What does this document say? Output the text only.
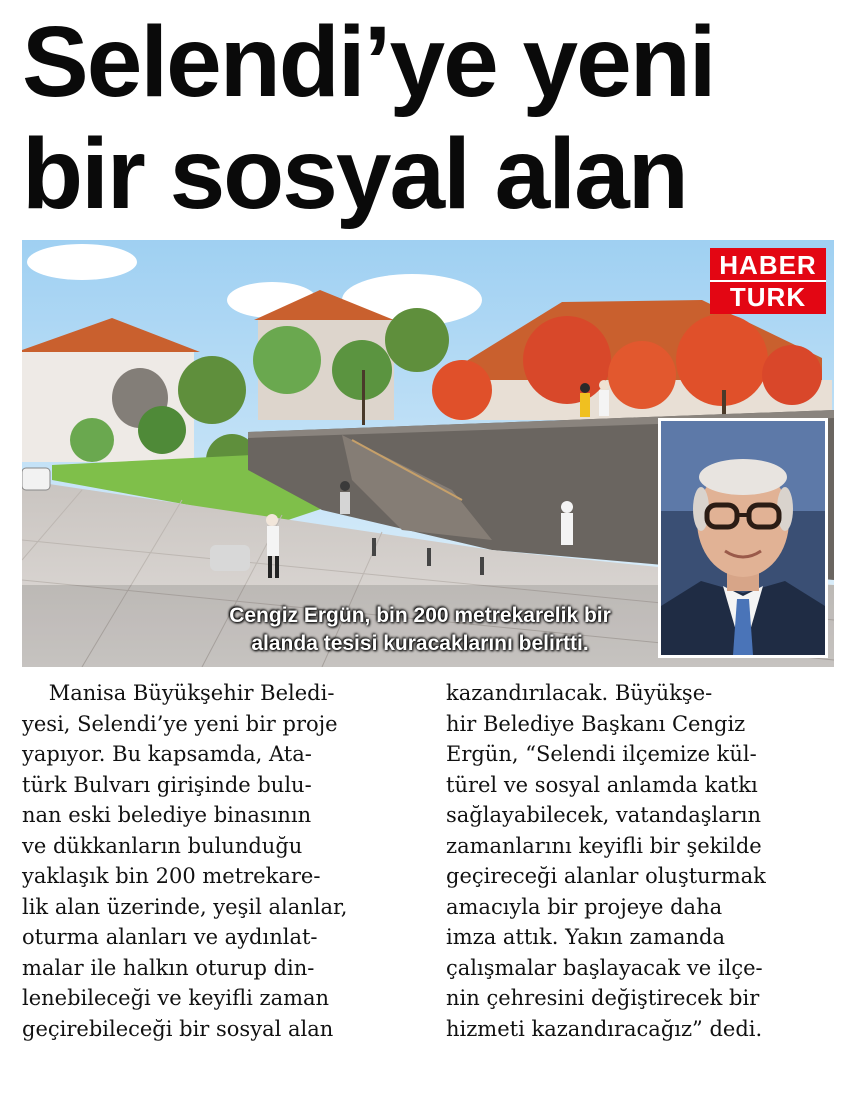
Selendi’ye yeni
bir sosyal alan
HABER
TURK
Cengiz Ergün, bin 200 metrekarelik bir
alanda tesisi kuracaklarını belirtti.
Manisa Büyükşehir Beledi-
yesi, Selendi’ye yeni bir proje
yapıyor. Bu kapsamda, Ata-
türk Bulvarı girişinde bulu-
nan eski belediye binasının
ve dükkanların bulunduğu
yaklaşık bin 200 metrekare-
lik alan üzerinde, yeşil alanlar,
oturma alanları ve aydınlat-
malar ile halkın oturup din-
lenebileceği ve keyifli zaman
geçirebileceği bir sosyal alan
kazandırılacak. Büyükşe-
hir Belediye Başkanı Cengiz
Ergün, “Selendi ilçemize kül-
türel ve sosyal anlamda katkı
sağlayabilecek, vatandaşların
zamanlarını keyifli bir şekilde
geçireceği alanlar oluşturmak
amacıyla bir projeye daha
imza attık. Yakın zamanda
çalışmalar başlayacak ve ilçe-
nin çehresini değiştirecek bir
hizmeti kazandıracağız” dedi.
